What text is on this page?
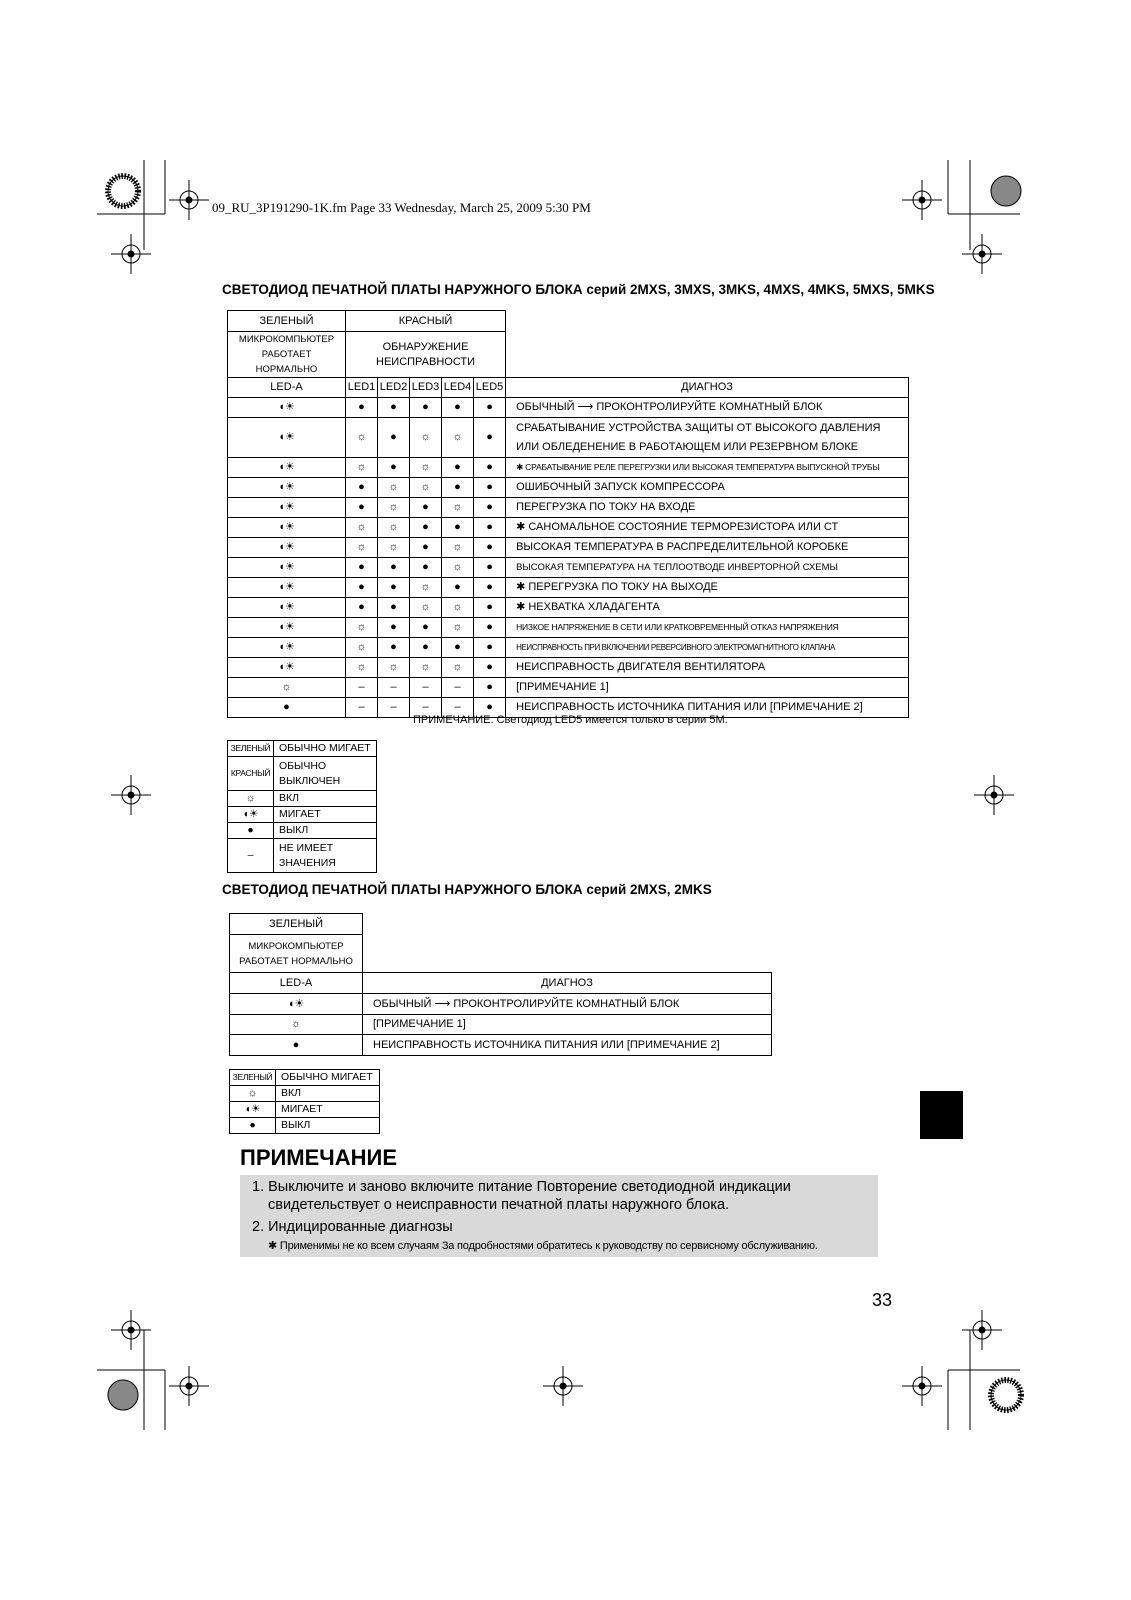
09_RU_3P191290-1K.fm Page 33 Wednesday, March 25, 2009 5:30 PM
СВЕТОДИОД ПЕЧАТНОЙ ПЛАТЫ НАРУЖНОГО БЛОКА серий 2MXS, 3MXS, 3MKS, 4MXS, 4MKS, 5MXS, 5MKS
ЗЕЛЕНЫЙ	КРАСНЫЙ					
МИКРОКОМПЬЮТЕР
РАБОТАЕТ НОРМАЛЬНО	ОБНАРУЖЕНИЕ
НЕИСПРАВНОСТИ					
LED-A	LED1	LED2	LED3	LED4	LED5	ДИАГНОЗ
◖☀	●	●	●	●	●	ОБЫЧНЫЙ ⟶ ПРОКОНТРОЛИРУЙТЕ КОМНАТНЫЙ БЛОК
◖☀	☼	●	☼	☼	●	СРАБАТЫВАНИЕ УСТРОЙСТВА ЗАЩИТЫ ОТ ВЫСОКОГО ДАВЛЕНИЯ
ИЛИ ОБЛЕДЕНЕНИЕ В РАБОТАЮЩЕМ ИЛИ РЕЗЕРВНОМ БЛОКЕ
◖☀	☼	●	☼	●	●	✱ СРАБАТЫВАНИЕ РЕЛЕ ПЕРЕГРУЗКИ ИЛИ ВЫСОКАЯ ТЕМПЕРАТУРА ВЫПУСКНОЙ ТРУБЫ
◖☀	●	☼	☼	●	●	ОШИБОЧНЫЙ ЗАПУСК КОМПРЕССОРА
◖☀	●	☼	●	☼	●	ПЕРЕГРУЗКА ПО ТОКУ НА ВХОДЕ
◖☀	☼	☼	●	●	●	✱ САНОМАЛЬНОЕ СОСТОЯНИЕ ТЕРМОРЕЗИСТОРА ИЛИ СТ
◖☀	☼	☼	●	☼	●	ВЫСОКАЯ ТЕМПЕРАТУРА В РАСПРЕДЕЛИТЕЛЬНОЙ КОРОБКЕ
◖☀	●	●	●	☼	●	ВЫСОКАЯ ТЕМПЕРАТУРА НА ТЕПЛООТВОДЕ ИНВЕРТОРНОЙ СХЕМЫ
◖☀	●	●	☼	●	●	✱ ПЕРЕГРУЗКА ПО ТОКУ НА ВЫХОДЕ
◖☀	●	●	☼	☼	●	✱ НЕХВАТКА ХЛАДАГЕНТА
◖☀	☼	●	●	☼	●	НИЗКОЕ НАПРЯЖЕНИЕ В СЕТИ ИЛИ КРАТКОВРЕМЕННЫЙ ОТКАЗ НАПРЯЖЕНИЯ
◖☀	☼	●	●	●	●	НЕИСПРАВНОСТЬ ПРИ ВКЛЮЧЕНИИ РЕВЕРСИВНОГО ЭЛЕКТРОМАГНИТНОГО КЛАПАНА
◖☀	☼	☼	☼	☼	●	НЕИСПРАВНОСТЬ ДВИГАТЕЛЯ ВЕНТИЛЯТОРА
☼	–	–	–	–	●	[ПРИМЕЧАНИЕ 1]
●	–	–	–	–	●	НЕИСПРАВНОСТЬ ИСТОЧНИКА ПИТАНИЯ ИЛИ [ПРИМЕЧАНИЕ 2]
ПРИМЕЧАНИЕ: Светодиод LED5 имеется только в серии 5M.
ЗЕЛЕНЫЙ	ОБЫЧНО МИГАЕТ
КРАСНЫЙ	ОБЫЧНО
ВЫКЛЮЧЕН
☼	ВКЛ
◖☀	МИГАЕТ
●	ВЫКЛ
–	НЕ ИМЕЕТ
ЗНАЧЕНИЯ
СВЕТОДИОД ПЕЧАТНОЙ ПЛАТЫ НАРУЖНОГО БЛОКА серий 2MXS, 2MKS
ЗЕЛЕНЫЙ	
МИКРОКОМПЬЮТЕР
РАБОТАЕТ НОРМАЛЬНО	
LED-A	ДИАГНОЗ
◖☀	ОБЫЧНЫЙ ⟶ ПРОКОНТРОЛИРУЙТЕ КОМНАТНЫЙ БЛОК
☼	[ПРИМЕЧАНИЕ 1]
●	НЕИСПРАВНОСТЬ ИСТОЧНИКА ПИТАНИЯ ИЛИ [ПРИМЕЧАНИЕ 2]
ЗЕЛЕНЫЙ	ОБЫЧНО МИГАЕТ
☼	ВКЛ
◖☀	МИГАЕТ
●	ВЫКЛ
ПРИМЕЧАНИЕ
1. Выключите и заново включите питание Повторение светодиодной индикации
свидетельствует о неисправности печатной платы наружного блока.
2. Индицированные диагнозы
✱ Применимы не ко всем случаям За подробностями обратитесь к руководству по сервисному обслуживанию.
33
